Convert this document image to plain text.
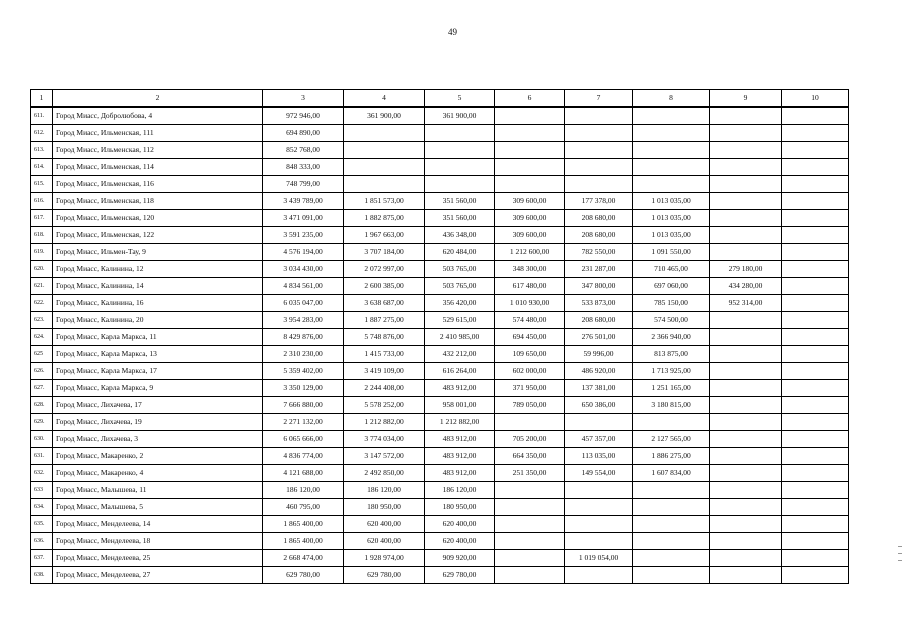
49
1	2	3	4	5	6	7	8	9	10
611.	Город Миасс, Добролюбова, 4	972 946,00	361 900,00	361 900,00					
612.	Город Миасс, Ильменская, 111	694 890,00							
613.	Город Миасс, Ильменская, 112	852 768,00							
614.	Город Миасс, Ильменская, 114	848 333,00							
615.	Город Миасс, Ильменская, 116	748 799,00							
616.	Город Миасс, Ильменская, 118	3 439 789,00	1 851 573,00	351 560,00	309 600,00	177 378,00	1 013 035,00		
617.	Город Миасс, Ильменская, 120	3 471 091,00	1 882 875,00	351 560,00	309 600,00	208 680,00	1 013 035,00		
618.	Город Миасс, Ильменская, 122	3 591 235,00	1 967 663,00	436 348,00	309 600,00	208 680,00	1 013 035,00		
619.	Город Миасс, Ильмен-Тау, 9	4 576 194,00	3 707 184,00	620 484,00	1 212 600,00	782 550,00	1 091 550,00		
620.	Город Миасс, Калинина, 12	3 034 430,00	2 072 997,00	503 765,00	348 300,00	231 287,00	710 465,00	279 180,00	
621.	Город Миасс, Калинина, 14	4 834 561,00	2 600 385,00	503 765,00	617 480,00	347 800,00	697 060,00	434 280,00	
622.	Город Миасс, Калинина, 16	6 035 047,00	3 638 687,00	356 420,00	1 010 930,00	533 873,00	785 150,00	952 314,00	
623.	Город Миасс, Калинина, 20	3 954 283,00	1 887 275,00	529 615,00	574 480,00	208 680,00	574 500,00		
624.	Город Миасс, Карла Маркса, 11	8 429 876,00	5 748 876,00	2 410 985,00	694 450,00	276 501,00	2 366 940,00		
625	Город Миасс, Карла Маркса, 13	2 310 230,00	1 415 733,00	432 212,00	109 650,00	59 996,00	813 875,00		
626.	Город Миасс, Карла Маркса, 17	5 359 402,00	3 419 109,00	616 264,00	602 000,00	486 920,00	1 713 925,00		
627.	Город Миасс, Карла Маркса, 9	3 350 129,00	2 244 408,00	483 912,00	371 950,00	137 381,00	1 251 165,00		
628.	Город Миасс, Лихачева, 17	7 666 880,00	5 578 252,00	958 001,00	789 050,00	650 386,00	3 180 815,00		
629.	Город Миасс, Лихачева, 19	2 271 132,00	1 212 882,00	1 212 882,00					
630.	Город Миасс, Лихачева, 3	6 065 666,00	3 774 034,00	483 912,00	705 200,00	457 357,00	2 127 565,00		
631.	Город Миасс, Макаренко, 2	4 836 774,00	3 147 572,00	483 912,00	664 350,00	113 035,00	1 886 275,00		
632.	Город Миасс, Макаренко, 4	4 121 688,00	2 492 850,00	483 912,00	251 350,00	149 554,00	1 607 834,00		
633	Город Миасс, Малышева, 11	186 120,00	186 120,00	186 120,00					
634.	Город Миасс, Малышева, 5	460 795,00	180 950,00	180 950,00					
635.	Город Миасс, Менделеева, 14	1 865 400,00	620 400,00	620 400,00					
636.	Город Миасс, Менделеева, 18	1 865 400,00	620 400,00	620 400,00					
637.	Город Миасс, Менделеева, 25	2 668 474,00	1 928 974,00	909 920,00		1 019 054,00			
638.	Город Миасс, Менделеева, 27	629 780,00	629 780,00	629 780,00					
